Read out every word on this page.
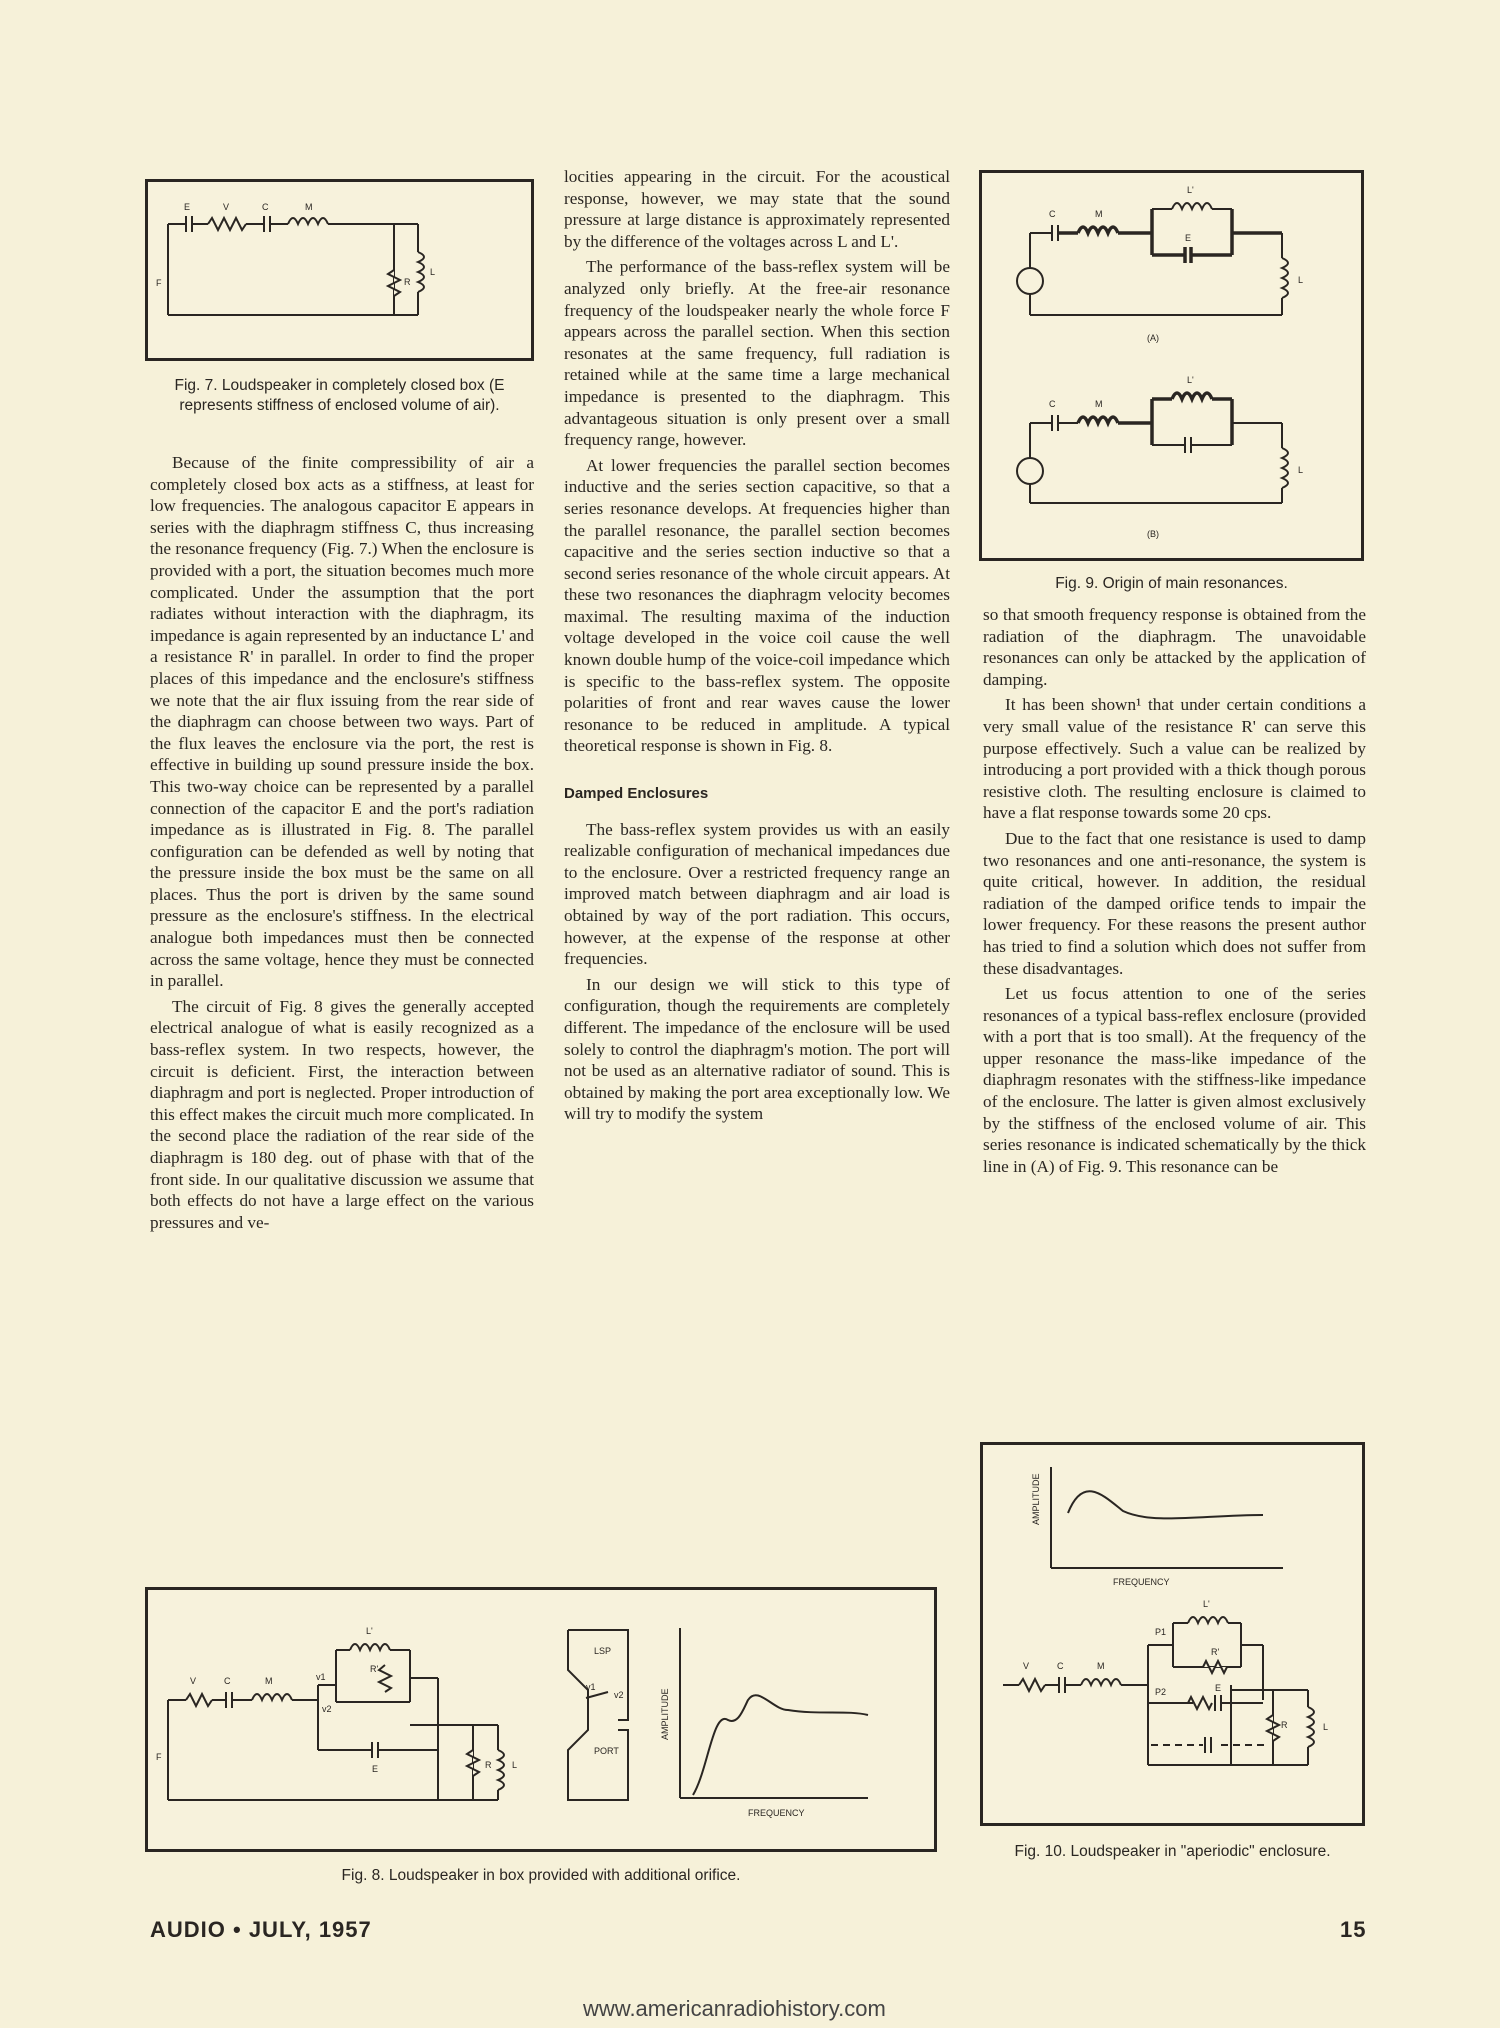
E	V	C	M
F	R
L
Fig. 7. Loudspeaker in completely closed box (E represents stiffness of enclosed volume of air).

Because of the finite compressibility of air a completely closed box acts as a stiffness, at least for low frequencies. The analogous capacitor E appears in series with the diaphragm stiffness C, thus increasing the resonance frequency (Fig. 7.) When the enclosure is provided with a port, the situation becomes much more complicated. Under the assumption that the port radiates without interaction with the diaphragm, its impedance is again represented by an inductance L' and a resistance R' in parallel. In order to find the proper places of this impedance and the enclosure's stiffness we note that the air flux issuing from the rear side of the diaphragm can choose between two ways. Part of the flux leaves the enclosure via the port, the rest is effective in building up sound pressure inside the box. This two-way choice can be represented by a parallel connection of the capacitor E and the port's radiation impedance as is illustrated in Fig. 8. The parallel configuration can be defended as well by noting that the pressure inside the box must be the same on all places. Thus the port is driven by the same sound pressure as the enclosure's stiffness. In the electrical analogue both impedances must then be connected across the same voltage, hence they must be connected in parallel.

The circuit of Fig. 8 gives the generally accepted electrical analogue of what is easily recognized as a bass-reflex system. In two respects, however, the circuit is deficient. First, the interaction between diaphragm and port is neglected. Proper introduction of this effect makes the circuit much more complicated. In the second place the radiation of the rear side of the diaphragm is 180 deg. out of phase with that of the front side. In our qualitative discussion we assume that both effects do not have a large effect on the various pressures and ve-

locities appearing in the circuit. For the acoustical response, however, we may state that the sound pressure at large distance is approximately represented by the difference of the voltages across L and L'.

The performance of the bass-reflex system will be analyzed only briefly. At the free-air resonance frequency of the loudspeaker nearly the whole force F appears across the parallel section. When this section resonates at the same frequency, full radiation is retained while at the same time a large mechanical impedance is presented to the diaphragm. This advantageous situation is only present over a small frequency range, however.

At lower frequencies the parallel section becomes inductive and the series section capacitive, so that a series resonance develops. At frequencies higher than the parallel resonance, the parallel section becomes capacitive and the series section inductive so that a second series resonance of the whole circuit appears. At these two resonances the diaphragm velocity becomes maximal. The resulting maxima of the induction voltage developed in the voice coil cause the well known double hump of the voice-coil impedance which is specific to the bass-reflex system. The opposite polarities of front and rear waves cause the lower resonance to be reduced in amplitude. A typical theoretical response is shown in Fig. 8.

Damped Enclosures

The bass-reflex system provides us with an easily realizable configuration of mechanical impedances due to the enclosure. Over a restricted frequency range an improved match between diaphragm and air load is obtained by way of the port radiation. This occurs, however, at the expense of the response at other frequencies.

In our design we will stick to this type of configuration, though the requirements are completely different. The impedance of the enclosure will be used solely to control the diaphragm's motion. The port will not be used as an alternative radiator of sound. This is obtained by making the port area exceptionally low. We will try to modify the system

C	M
L'
E
L
(A)
C	M
L'
L
(B)
Fig. 9. Origin of main resonances.

so that smooth frequency response is obtained from the radiation of the diaphragm. The unavoidable resonances can only be attacked by the application of damping.

It has been shown¹ that under certain conditions a very small value of the resistance R' can serve this purpose effectively. Such a value can be realized by introducing a port provided with a thick though porous resistive cloth. The resulting enclosure is claimed to have a flat response towards some 20 cps.

Due to the fact that one resistance is used to damp two resonances and one anti-resonance, the system is quite critical, however. In addition, the residual radiation of the damped orifice tends to impair the lower frequency. For these reasons the present author has tried to find a solution which does not suffer from these disadvantages.

Let us focus attention to one of the series resonances of a typical bass-reflex enclosure (provided with a port that is too small). At the frequency of the upper resonance the mass-like impedance of the diaphragm resonates with the stiffness-like impedance of the enclosure. The latter is given almost exclusively by the stiffness of the enclosed volume of air. This series resonance is indicated schematically by the thick line in (A) of Fig. 9. This resonance can be

AMPLITUDE
FREQUENCY
V	C	M
P1
L'
R'
P2	E
R	L
Fig. 10. Loudspeaker in "aperiodic" enclosure.
V	C	M
L'
R'
v1
v2
F
E	R L
LSP
v1
v2
PORT
AMPLITUDE
FREQUENCY
Fig. 8. Loudspeaker in box provided with additional orifice.
AUDIO • JULY, 1957	15
www.americanradiohistory.com
